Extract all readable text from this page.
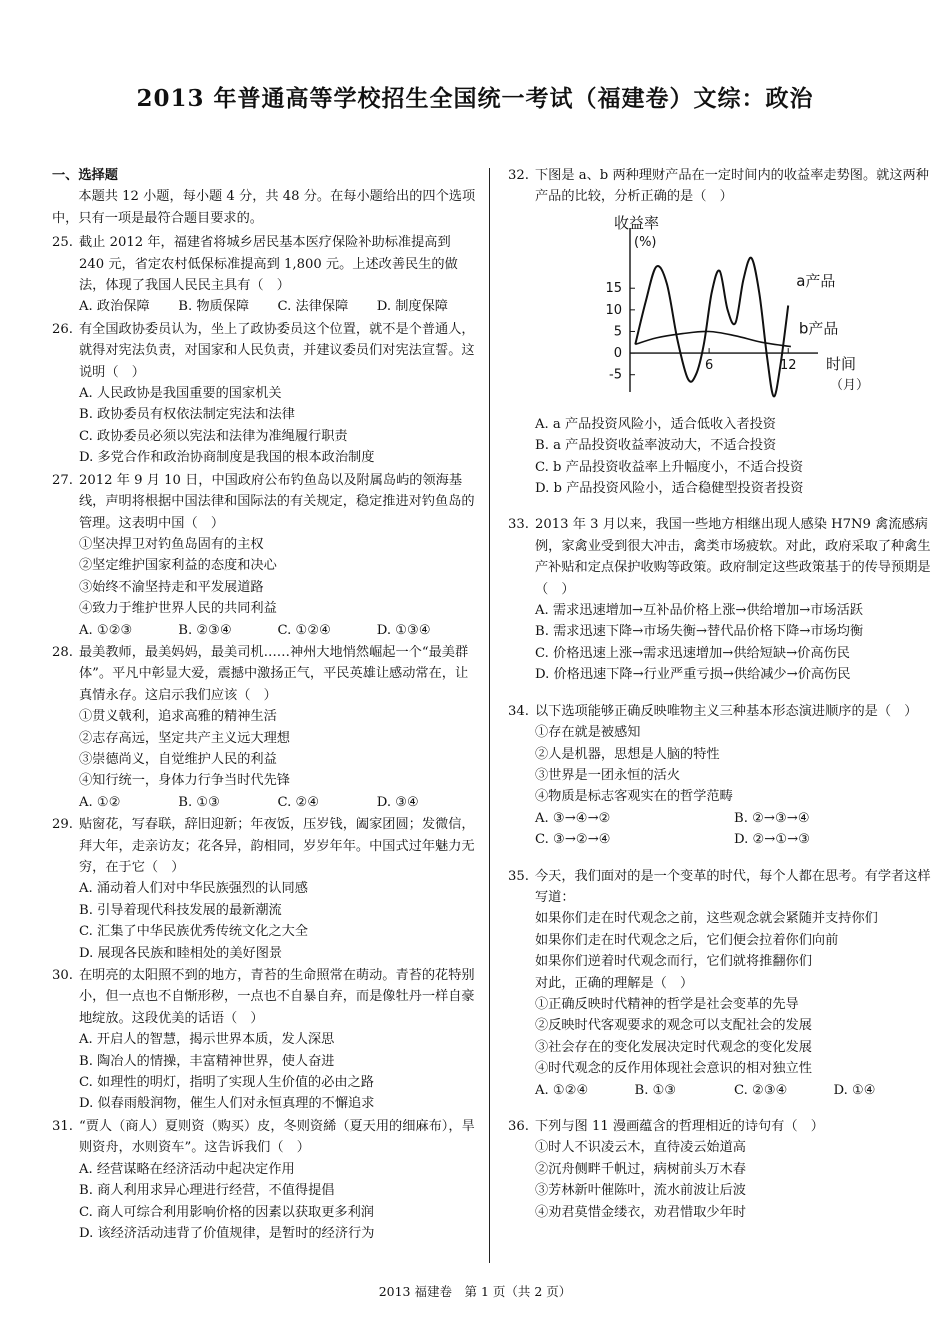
2013 年普通高等学校招生全国统一考试（福建卷）文综：政治

一、选择题

本题共 12 小题，每小题 4 分，共 48 分。在每小题给出的四个选项中，只有一项是最符合题目要求的。

25. 截止 2012 年，福建省将城乡居民基本医疗保险补助标准提高到 240 元，省定农村低保标准提高到 1,800 元。上述改善民生的做法，体现了我国人民民主具有（　）
A. 政治保障	B. 物质保障	C. 法律保障	D. 制度保障
26. 有全国政协委员认为，坐上了政协委员这个位置，就不是个普通人，就得对宪法负责，对国家和人民负责，并建议委员们对宪法宣誓。这说明（　）
A. 人民政协是我国重要的国家机关
B. 政协委员有权依法制定宪法和法律
C. 政协委员必须以宪法和法律为准绳履行职责
D. 多党合作和政治协商制度是我国的根本政治制度
27. 2012 年 9 月 10 日，中国政府公布钓鱼岛以及附属岛屿的领海基线，声明将根据中国法律和国际法的有关规定，稳定推进对钓鱼岛的管理。这表明中国（　）
①坚决捍卫对钓鱼岛固有的主权
②坚定维护国家利益的态度和决心
③始终不渝坚持走和平发展道路
④致力于维护世界人民的共同利益
A. ①②③	B. ②③④	C. ①②④	D. ①③④
28. 最美教师，最美妈妈，最美司机……神州大地悄然崛起一个“最美群体”。平凡中彰显大爱，震撼中激扬正气，平民英雄让感动常在，让真情永存。这启示我们应该（　）
①贯义戟利，追求高雅的精神生活
②志存高远，坚定共产主义远大理想
③崇德尚义，自觉维护人民的利益
④知行统一，身体力行争当时代先锋
A. ①②	B. ①③	C. ②④	D. ③④
29. 贴窗花，写春联，辞旧迎新；年夜饭，压岁钱，阖家团圆；发微信，拜大年，走亲访友；花各异，韵相同，岁岁年年。中国式过年魅力无穷，在于它（　）
A. 涌动着人们对中华民族强烈的认同感
B. 引导着现代科技发展的最新潮流
C. 汇集了中华民族优秀传统文化之大全
D. 展现各民族和睦相处的美好图景
30. 在明亮的太阳照不到的地方，青苔的生命照常在萌动。青苔的花特别小，但一点也不自惭形秽，一点也不自暴自弃，而是像牡丹一样自豪地绽放。这段优美的话语（　）
A. 开启人的智慧，揭示世界本质，发人深思
B. 陶冶人的情操，丰富精神世界，使人奋进
C. 如理性的明灯，指明了实现人生价值的必由之路
D. 似春雨般润物，催生人们对永恒真理的不懈追求
31. “贾人（商人）夏则资（购买）皮，冬则资絺（夏天用的细麻布），旱则资舟，水则资车”。这告诉我们（　）
A. 经营谋略在经济活动中起决定作用
B. 商人利用求异心理进行经营，不值得提倡
C. 商人可综合利用影响价格的因素以获取更多利润
D. 该经济活动违背了价值规律，是暂时的经济行为
32. 下图是 a、b 两种理财产品在一定时间内的收益率走势图。就这两种产品的比较，分析正确的是（　）
15
10
5
0
-5
6	12
收益率
(%)
时间
（月）
a产品
b产品
A. a 产品投资风险小，适合低收入者投资
B. a 产品投资收益率波动大，不适合投资
C. b 产品投资收益率上升幅度小，不适合投资
D. b 产品投资风险小，适合稳健型投资者投资
33. 2013 年 3 月以来，我国一些地方相继出现人感染 H7N9 禽流感病例，家禽业受到很大冲击，禽类市场疲软。对此，政府采取了种禽生产补贴和定点保护收购等政策。政府制定这些政策基于的传导预期是（　）
A. 需求迅速增加→互补品价格上涨→供给增加→市场活跃
B. 需求迅速下降→市场失衡→替代品价格下降→市场均衡
C. 价格迅速上涨→需求迅速增加→供给短缺→价高伤民
D. 价格迅速下降→行业严重亏损→供给减少→价高伤民
34. 以下选项能够正确反映唯物主义三种基本形态演进顺序的是（　）
①存在就是被感知
②人是机器，思想是人脑的特性
③世界是一团永恒的活火
④物质是标志客观实在的哲学范畴
A. ③→④→②	B. ②→③→④
C. ③→②→④	D. ②→①→③
35. 今天，我们面对的是一个变革的时代，每个人都在思考。有学者这样写道：
如果你们走在时代观念之前，这些观念就会紧随并支持你们
如果你们走在时代观念之后，它们便会拉着你们向前
如果你们逆着时代观念而行，它们就将推翻你们
对此，正确的理解是（　）
①正确反映时代精神的哲学是社会变革的先导
②反映时代客观要求的观念可以支配社会的发展
③社会存在的变化发展决定时代观念的变化发展
④时代观念的反作用体现社会意识的相对独立性
A. ①②④	B. ①③	C. ②③④	D. ①④
36. 下列与图 11 漫画蕴含的哲理相近的诗句有（　）
①时人不识凌云木，直待凌云始道高
②沉舟侧畔千帆过，病树前头万木春
③芳林新叶催陈叶，流水前波让后波
④劝君莫惜金缕衣，劝君惜取少年时
2013 福建卷　第 1 页（共 2 页）
